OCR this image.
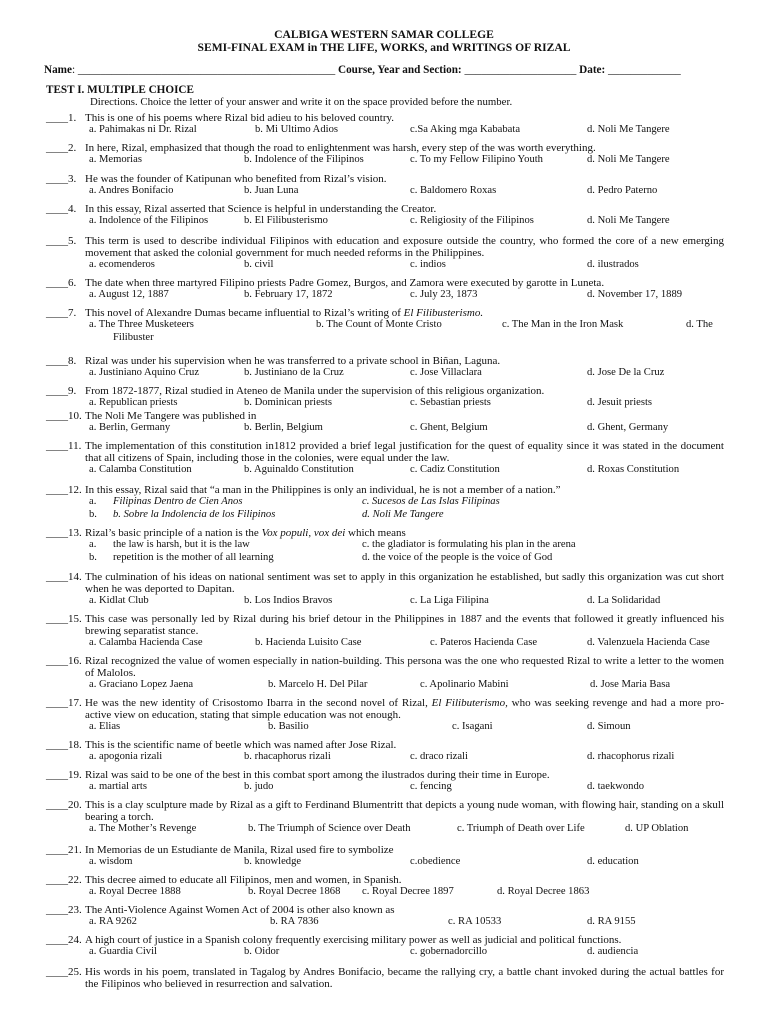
CALBIGA WESTERN SAMAR COLLEGE
SEMI-FINAL EXAM in THE LIFE, WORKS, and WRITINGS OF RIZAL
Name: ______________________________________________ Course, Year and Section: ____________________ Date: _____________
TEST I. MULTIPLE CHOICE
Directions. Choice the letter of your answer and write it on the space provided before the number.
____1. This is one of his poems where Rizal bid adieu to his beloved country.
a. Pahimakas ni Dr. Rizal	b. Mi Ultimo Adios	c.Sa Aking mga Kababata	d. Noli Me Tangere
____2. In here, Rizal, emphasized that though the road to enlightenment was harsh, every step of the was worth everything.
a. Memorias	b. Indolence of the Filipinos	c. To my Fellow Filipino Youth	d. Noli Me Tangere
____3. He was the founder of Katipunan who benefited from Rizal’s vision.
a. Andres Bonifacio	b. Juan Luna	c. Baldomero Roxas	d. Pedro Paterno
____4. In this essay, Rizal asserted that Science is helpful in understanding the Creator.
a. Indolence of the Filipinos	b. El Filibusterismo	c. Religiosity of the Filipinos	d. Noli Me Tangere
____5. This term is used to describe individual Filipinos with education and exposure outside the country, who formed the core of a new emerging movement that asked the colonial government for much needed reforms in the Philippines.
a. ecomenderos	b. civil	c. indios	d. ilustrados
____6. The date when three martyred Filipino priests Padre Gomez, Burgos, and Zamora were executed by garotte in Luneta.
a. August 12, 1887	b. February 17, 1872	c. July 23, 1873	d. November 17, 1889
____7. This novel of Alexandre Dumas became influential to Rizal’s writing of El Filibusterismo.
a. The Three Musketeers	b. The Count of Monte Cristo	c. The Man in the Iron Mask	d. The
Filibuster
____8. Rizal was under his supervision when he was transferred to a private school in Biñan, Laguna.
a. Justiniano Aquino Cruz	b. Justiniano de la Cruz	c. Jose Villaclara	d. Jose De la Cruz
____9. From 1872-1877, Rizal studied in Ateneo de Manila under the supervision of this religious organization.
a. Republican priests	b. Dominican priests	c. Sebastian priests	d. Jesuit priests
____10. The Noli Me Tangere was published in
a. Berlin, Germany	b. Berlin, Belgium	c. Ghent, Belgium	d. Ghent, Germany
____11. The implementation of this constitution in1812 provided a brief legal justification for the quest of equality since it was stated in the document that all citizens of Spain, including those in the colonies, were equal under the law.
a. Calamba Constitution	b. Aguinaldo Constitution	c. Cadiz Constitution	d. Roxas Constitution
____12. In this essay, Rizal said that “a man in the Philippines is only an individual, he is not a member of a nation.”
a. Filipinas Dentro de Cien Anos	c. Sucesos de Las Islas Filipinas
b. b. Sobre la Indolencia de los Filipinos	d. Noli Me Tangere
____13. Rizal’s basic principle of a nation is the Vox populi, vox dei which means
a. the law is harsh, but it is the law	c. the gladiator is formulating his plan in the arena
b. repetition is the mother of all learning	d. the voice of the people is the voice of God
____14. The culmination of his ideas on national sentiment was set to apply in this organization he established, but sadly this organization was cut short when he was deported to Dapitan.
a. Kidlat Club	b. Los Indios Bravos	c. La Liga Filipina	d. La Solidaridad
____15. This case was personally led by Rizal during his brief detour in the Philippines in 1887 and the events that followed it greatly influenced his brewing separatist stance.
a. Calamba Hacienda Case	b. Hacienda Luisito Case	c. Pateros Hacienda Case	d. Valenzuela Hacienda Case
____16. Rizal recognized the value of women especially in nation-building. This persona was the one who requested Rizal to write a letter to the women of Malolos.
a. Graciano Lopez Jaena	b. Marcelo H. Del Pilar	c. Apolinario Mabini	d. Jose Maria Basa
____17. He was the new identity of Crisostomo Ibarra in the second novel of Rizal, El Filibuterismo, who was seeking revenge and had a more pro-active view on education, stating that simple education was not enough.
a. Elias	b. Basilio	c. Isagani	d. Simoun
____18. This is the scientific name of beetle which was named after Jose Rizal.
a. apogonia rizali	b. rhacaphorus rizali	c. draco rizali	d. rhacophorus rizali
____19. Rizal was said to be one of the best in this combat sport among the ilustrados during their time in Europe.
a. martial arts	b. judo	c. fencing	d. taekwondo
____20. This is a clay sculpture made by Rizal as a gift to Ferdinand Blumentritt that depicts a young nude woman, with flowing hair, standing on a skull bearing a torch.
a. The Mother’s Revenge	b. The Triumph of Science over Death	c. Triumph of Death over Life	d. UP Oblation
____21. In Memorias de un Estudiante de Manila, Rizal used fire to symbolize
a. wisdom	b. knowledge	c.obedience	d. education
____22. This decree aimed to educate all Filipinos, men and women, in Spanish.
a. Royal Decree 1888	b. Royal Decree 1868 c. Royal Decree 1897	d. Royal Decree 1863
____23. The Anti-Violence Against Women Act of 2004 is other also known as
a. RA 9262	b. RA 7836	c. RA 10533	d. RA 9155
____24. A high court of justice in a Spanish colony frequently exercising military power as well as judicial and political functions.
a. Guardia Civil	b. Oidor	c. gobernadorcillo	d. audiencia
____25. His words in his poem, translated in Tagalog by Andres Bonifacio, became the rallying cry, a battle chant invoked during the actual battles for the Filipinos who believed in resurrection and salvation.
